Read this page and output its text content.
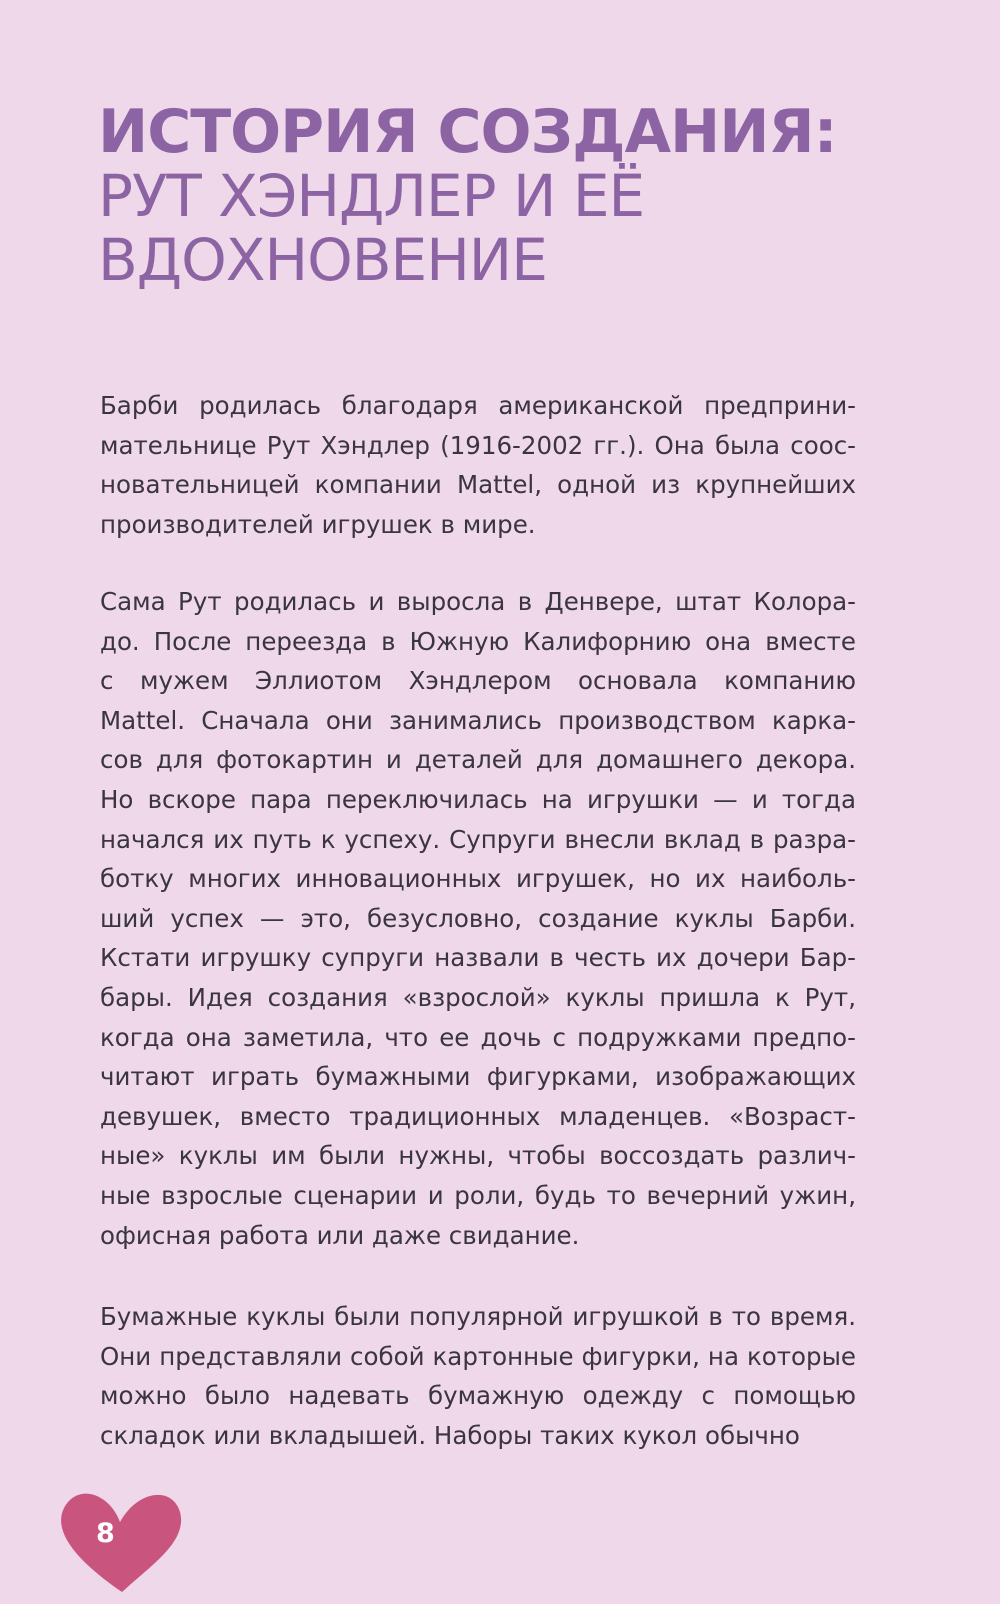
ИСТОРИЯ СОЗДАНИЯ:
РУТ ХЭНДЛЕР И ЕЁ
ВДОХНОВЕНИЕ
Барби родилась благодаря американской предприни-
мательнице Рут Хэндлер (1916-2002 гг.). Она была соос-
новательницей компании Mattel, одной из крупнейших
производителей игрушек в мире.
Сама Рут родилась и выросла в Денвере, штат Колора-
до. После переезда в Южную Калифорнию она вместе
с мужем Эллиотом Хэндлером основала компанию
Mattel. Сначала они занимались производством карка-
сов для фотокартин и деталей для домашнего декора.
Но вскоре пара переключилась на игрушки — и тогда
начался их путь к успеху. Супруги внесли вклад в разра-
ботку многих инновационных игрушек, но их наиболь-
ший успех — это, безусловно, создание куклы Барби.
Кстати игрушку супруги назвали в честь их дочери Бар-
бары. Идея создания «взрослой» куклы пришла к Рут,
когда она заметила, что ее дочь с подружками предпо-
читают играть бумажными фигурками, изображающих
девушек, вместо традиционных младенцев. «Возраст-
ные» куклы им были нужны, чтобы воссоздать различ-
ные взрослые сценарии и роли, будь то вечерний ужин,
офисная работа или даже свидание.
Бумажные куклы были популярной игрушкой в то время.
Они представляли собой картонные фигурки, на которые
можно было надевать бумажную одежду с помощью
складок или вкладышей. Наборы таких кукол обычно
8
